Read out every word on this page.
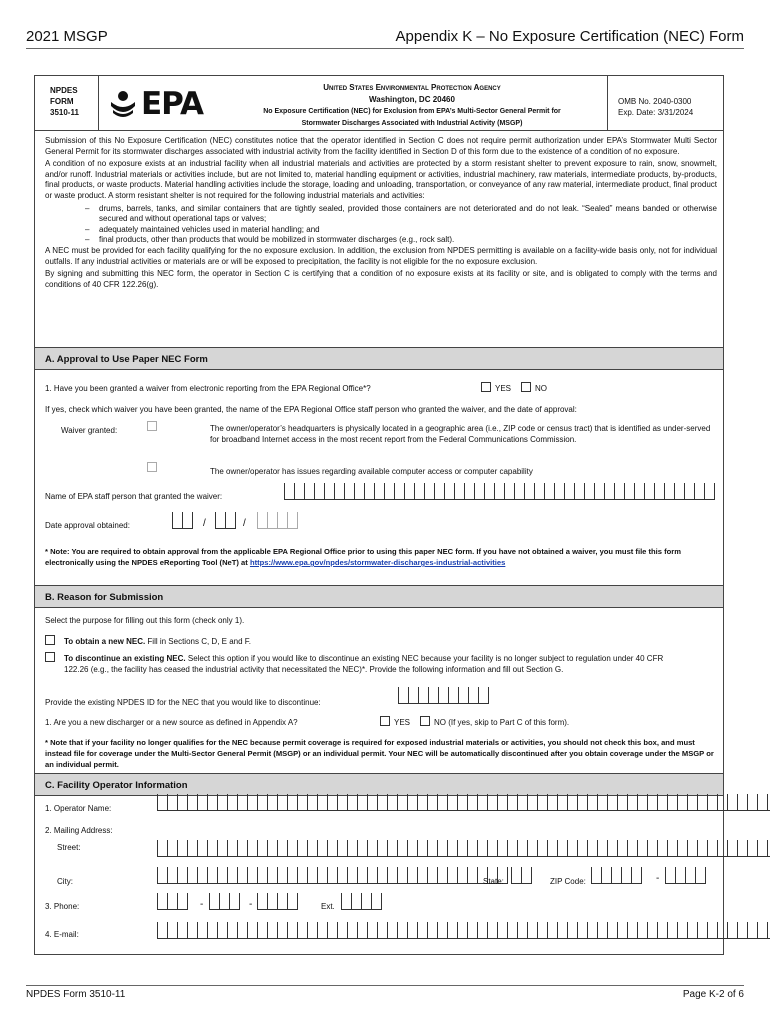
2021 MSGP	Appendix K – No Exposure Certification (NEC) Form
NPDES
FORM
3510-11	EPA	United States Environmental Protection Agency
Washington, DC 20460
No Exposure Certification (NEC) for Exclusion from EPA’s Multi-Sector General Permit for
Stormwater Discharges Associated with Industrial Activity (MSGP)
OMB No. 2040-0300
Exp. Date: 3/31/2024

Submission of this No Exposure Certification (NEC) constitutes notice that the operator identified in Section C does not require permit authorization under EPA’s Stormwater Multi Sector General Permit for its stormwater discharges associated with industrial activity from the facility identified in Section D of this form due to the existence of a condition of no exposure.

A condition of no exposure exists at an industrial facility when all industrial materials and activities are protected by a storm resistant shelter to prevent exposure to rain, snow, snowmelt, and/or runoff. Industrial materials or activities include, but are not limited to, material handling equipment or activities, industrial machinery, raw materials, intermediate products, by-products, final products, or waste products. Material handling activities include the storage, loading and unloading, transportation, or conveyance of any raw material, intermediate product, final product or waste product. A storm resistant shelter is not required for the following industrial materials and activities:

– drums, barrels, tanks, and similar containers that are tightly sealed, provided those containers are not deteriorated and do not leak. “Sealed” means banded or otherwise secured and without operational taps or valves;
– adequately maintained vehicles used in material handling; and
– final products, other than products that would be mobilized in stormwater discharges (e.g., rock salt).

A NEC must be provided for each facility qualifying for the no exposure exclusion. In addition, the exclusion from NPDES permitting is available on a facility-wide basis only, not for individual outfalls. If any industrial activities or materials are or will be exposed to precipitation, the facility is not eligible for the no exposure exclusion.

By signing and submitting this NEC form, the operator in Section C is certifying that a condition of no exposure exists at its facility or site, and is obligated to comply with the terms and conditions of 40 CFR 122.26(g).

A. Approval to Use Paper NEC Form
1. Have you been granted a waiver from electronic reporting from the EPA Regional Office*?	YES	NO
If yes, check which waiver you have been granted, the name of the EPA Regional Office staff person who granted the waiver, and the date of approval:
Waiver granted:	The owner/operator’s headquarters is physically located in a geographic area (i.e., ZIP code or census tract) that is identified as under-served for broadband Internet access in the most recent report from the Federal Communications Commission.
The owner/operator has issues regarding available computer access or computer capability
Name of EPA staff person that granted the waiver:
Date approval obtained:	/	/
* Note: You are required to obtain approval from the applicable EPA Regional Office prior to using this paper NEC form. If you have not obtained a waiver, you must file this form electronically using the NPDES eReporting Tool (NeT) at https://www.epa.gov/npdes/stormwater-discharges-industrial-activities
B. Reason for Submission
Select the purpose for filling out this form (check only 1).
To obtain a new NEC. Fill in Sections C, D, E and F.
To discontinue an existing NEC. Select this option if you would like to discontinue an existing NEC because your facility is no longer subject to regulation under 40 CFR 122.26 (e.g., the facility has ceased the industrial activity that necessitated the NEC)*. Provide the following information and fill out Section G.
Provide the existing NPDES ID for the NEC that you would like to discontinue:
1. Are you a new discharger or a new source as defined in Appendix A?	YES	NO (If yes, skip to Part C of this form).
* Note that if your facility no longer qualifies for the NEC because permit coverage is required for exposed industrial materials or activities, you should not check this box, and must instead file for coverage under the Multi-Sector General Permit (MSGP) or an individual permit. Your NEC will be automatically discontinued after you obtain coverage under the MSGP or an individual permit.
C. Facility Operator Information
1. Operator Name:
2. Mailing Address:
Street:
City:	State:	ZIP Code:	-
3. Phone:	-	-	Ext.
4. E-mail:
NPDES Form 3510-11	Page K-2 of 6
